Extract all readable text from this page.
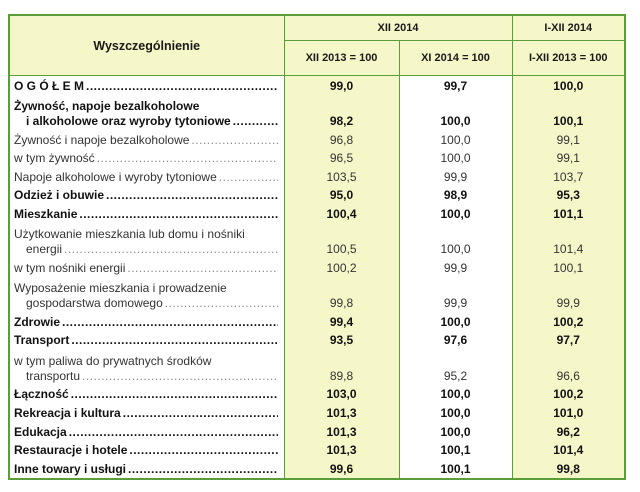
Wyszczególnienie	XII 2014		I-XII 2014
	XII 2013 = 100	XI 2014 = 100	I-XII 2013 = 100

O G Ó Ł E M
.....	99,0	99,7	100,0

Żywność, napoje bezalkoholowe
i alkoholowe oraz wyroby tytoniowe
.....	98,2	100,0	100,1

Żywność i napoje bezalkoholowe
.....	96,8	100,0	99,1

w tym żywność
.....	96,5	100,0	99,1

Napoje alkoholowe i wyroby tytoniowe
.....	103,5	99,9	103,7

Odzież i obuwie
.....	95,0	98,9	95,3

Mieszkanie
.....	100,4	100,0	101,1

Użytkowanie mieszkania lub domu i nośniki
energii
.....	100,5	100,0	101,4

w tym nośniki energii
.....	100,2	99,9	100,1

Wyposażenie mieszkania i prowadzenie
gospodarstwa domowego
.....	99,8	99,9	99,9

Zdrowie
.....	99,4	100,0	100,2

Transport
.....	93,5	97,6	97,7

w tym paliwa do prywatnych środków
transportu
.....	89,8	95,2	96,6

Łączność
.....	103,0	100,0	100,2

Rekreacja i kultura
.....	101,3	100,0	101,0

Edukacja
.....	101,3	100,0	96,2

Restauracje i hotele
.....	101,3	100,1	101,4

Inne towary i usługi
.....	99,6	100,1	99,8
